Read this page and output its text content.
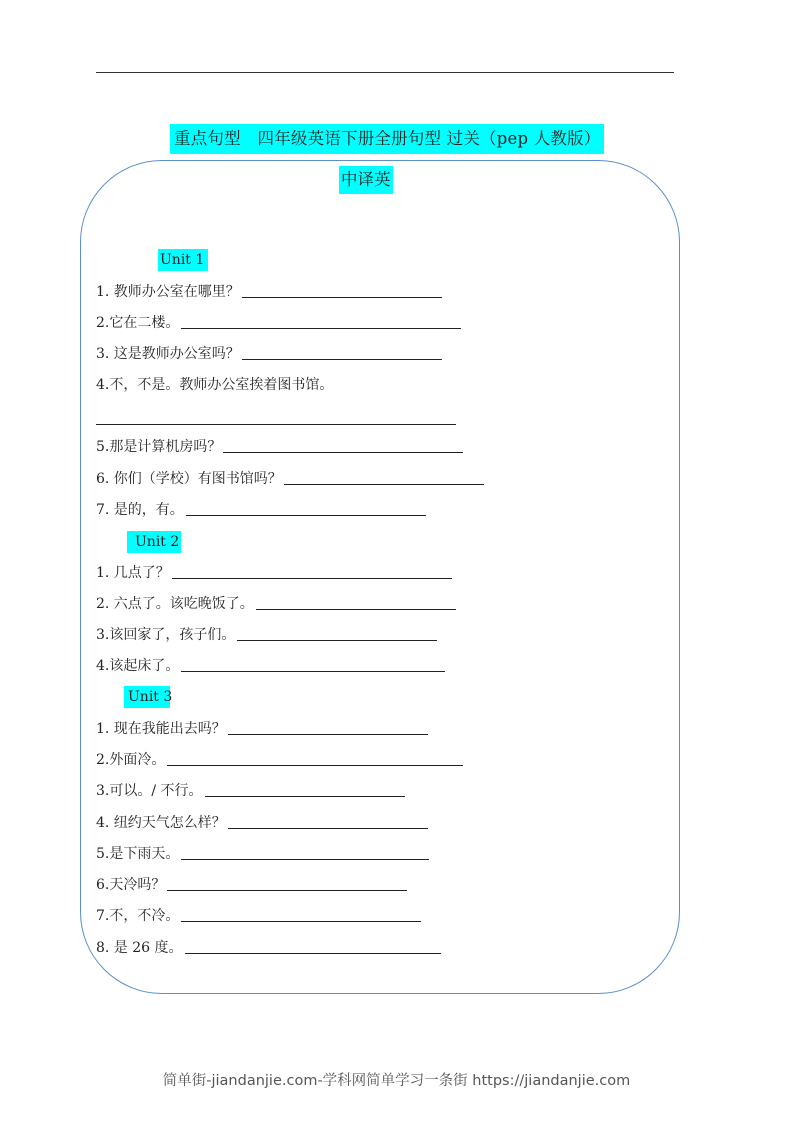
重点句型　四年级英语下册全册句型 过关（pep 人教版）
中译英
Unit 1
1. 教师办公室在哪里？
2.它在二楼。
3. 这是教师办公室吗？
4.不，不是。教师办公室挨着图书馆。
5.那是计算机房吗？
6. 你们（学校）有图书馆吗？
7. 是的，有。
Unit 2
1. 几点了？
2. 六点了。该吃晚饭了。
3.该回家了，孩子们。
4.该起床了。
Unit 3
1. 现在我能出去吗？
2.外面冷。
3.可以。/ 不行。
4. 纽约天气怎么样？
5.是下雨天。
6.天冷吗？
7.不，不冷。
8. 是 26 度。
简单街-jiandanjie.com-学科网简单学习一条街 https://jiandanjie.com
